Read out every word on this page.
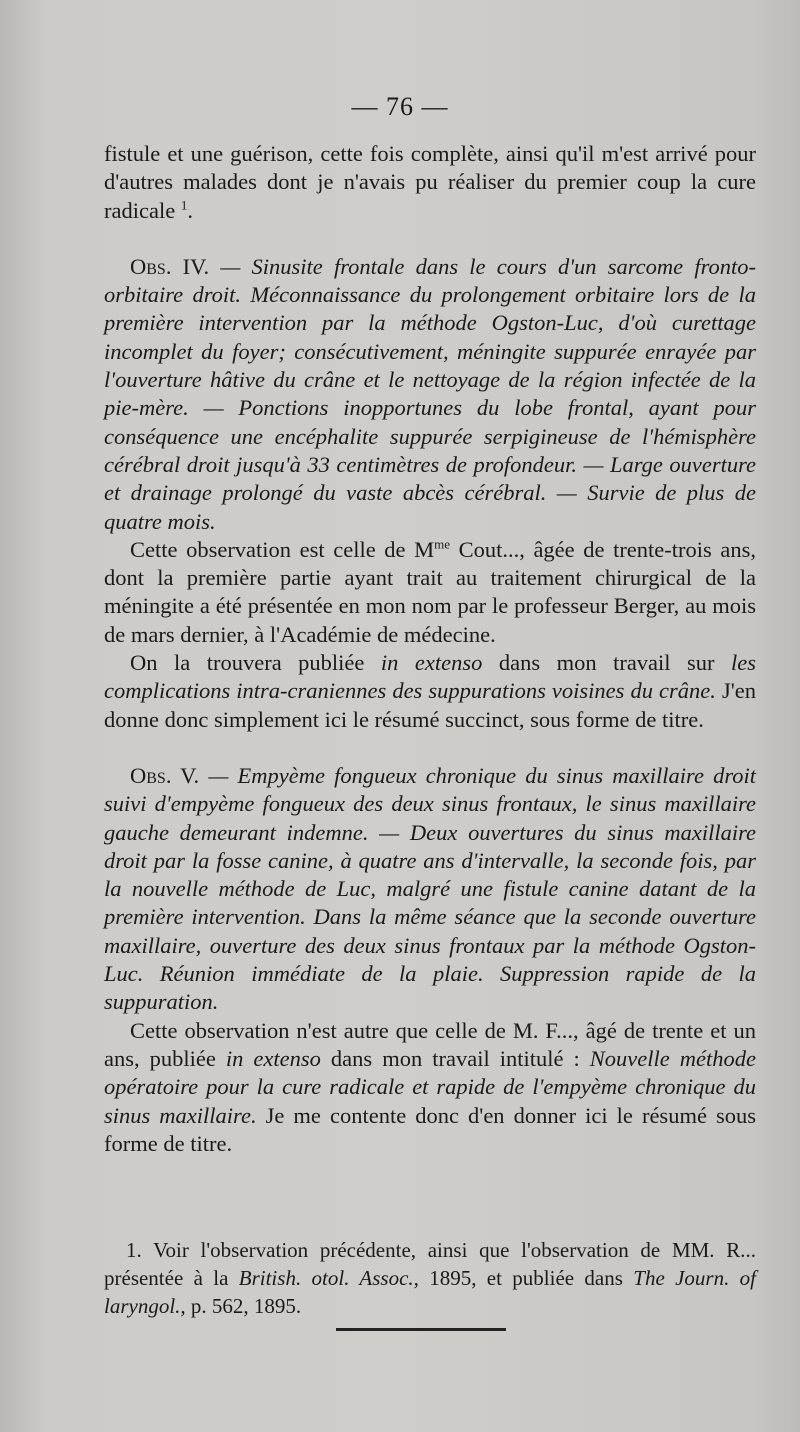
— 76 —

fistule et une guérison, cette fois complète, ainsi qu'il m'est arrivé pour d'autres malades dont je n'avais pu réaliser du premier coup la cure radicale $^1$.

Obs. IV. — Sinusite frontale dans le cours d'un sarcome fronto-orbitaire droit. Méconnaissance du prolongement orbitaire lors de la première intervention par la méthode Ogston-Luc, d'où curettage incomplet du foyer; consécutivement, méningite suppurée enrayée par l'ouverture hâtive du crâne et le nettoyage de la région infectée de la pie-mère. — Ponctions inopportunes du lobe frontal, ayant pour conséquence une encéphalite suppurée serpigineuse de l'hémisphère cérébral droit jusqu'à 33 centimètres de profondeur. — Large ouverture et drainage prolongé du vaste abcès cérébral. — Survie de plus de quatre mois.

Cette observation est celle de $M^{me}$ Cout..., âgée de trente-trois ans, dont la première partie ayant trait au traitement chirurgical de la méningite a été présentée en mon nom par le professeur Berger, au mois de mars dernier, à l'Académie de médecine.

On la trouvera publiée in extenso dans mon travail sur les complications intra-craniennes des suppurations voisines du crâne. J'en donne donc simplement ici le résumé succinct, sous forme de titre.

Obs. V. — Empyème fongueux chronique du sinus maxillaire droit suivi d'empyème fongueux des deux sinus frontaux, le sinus maxillaire gauche demeurant indemne. — Deux ouvertures du sinus maxillaire droit par la fosse canine, à quatre ans d'intervalle, la seconde fois, par la nouvelle méthode de Luc, malgré une fistule canine datant de la première intervention. Dans la même séance que la seconde ouverture maxillaire, ouverture des deux sinus frontaux par la méthode Ogston-Luc. Réunion immédiate de la plaie. Suppression rapide de la suppuration.

Cette observation n'est autre que celle de M. F..., âgé de trente et un ans, publiée in extenso dans mon travail intitulé : Nouvelle méthode opératoire pour la cure radicale et rapide de l'empyème chronique du sinus maxillaire. Je me contente donc d'en donner ici le résumé sous forme de titre.

1. Voir l'observation précédente, ainsi que l'observation de MM. R... présentée à la British. otol. Assoc., 1895, et publiée dans The Journ. of laryngol., p. 562, 1895.
